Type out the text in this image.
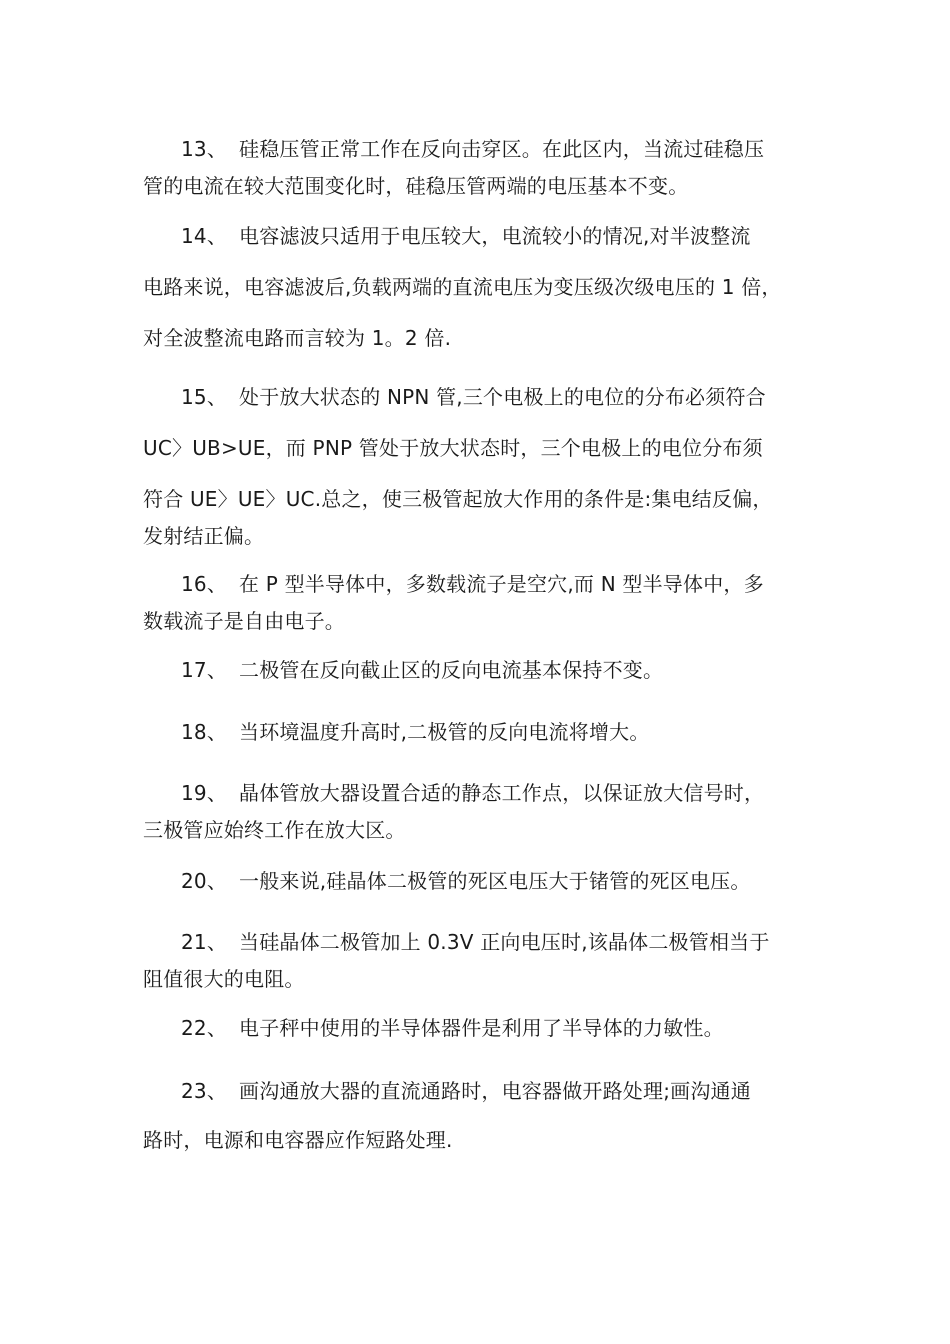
13、 硅稳压管正常工作在反向击穿区。在此区内，当流过硅稳压
管的电流在较大范围变化时，硅稳压管两端的电压基本不变。
14、 电容滤波只适用于电压较大，电流较小的情况,对半波整流
电路来说，电容滤波后,负载两端的直流电压为变压级次级电压的 1 倍，
对全波整流电路而言较为 1。2 倍.
15、 处于放大状态的 NPN 管,三个电极上的电位的分布必须符合
UC〉UB>UE，而 PNP 管处于放大状态时，三个电极上的电位分布须
符合 UE〉UE〉UC.总之，使三极管起放大作用的条件是:集电结反偏，
发射结正偏。
16、 在 P 型半导体中，多数载流子是空穴,而 N 型半导体中，多
数载流子是自由电子。
17、 二极管在反向截止区的反向电流基本保持不变。
18、 当环境温度升高时,二极管的反向电流将增大。
19、 晶体管放大器设置合适的静态工作点，以保证放大信号时，
三极管应始终工作在放大区。
20、 一般来说,硅晶体二极管的死区电压大于锗管的死区电压。
21、 当硅晶体二极管加上 0.3V 正向电压时,该晶体二极管相当于
阻值很大的电阻。
22、 电子秤中使用的半导体器件是利用了半导体的力敏性。
23、 画沟通放大器的直流通路时，电容器做开路处理;画沟通通
路时，电源和电容器应作短路处理.
